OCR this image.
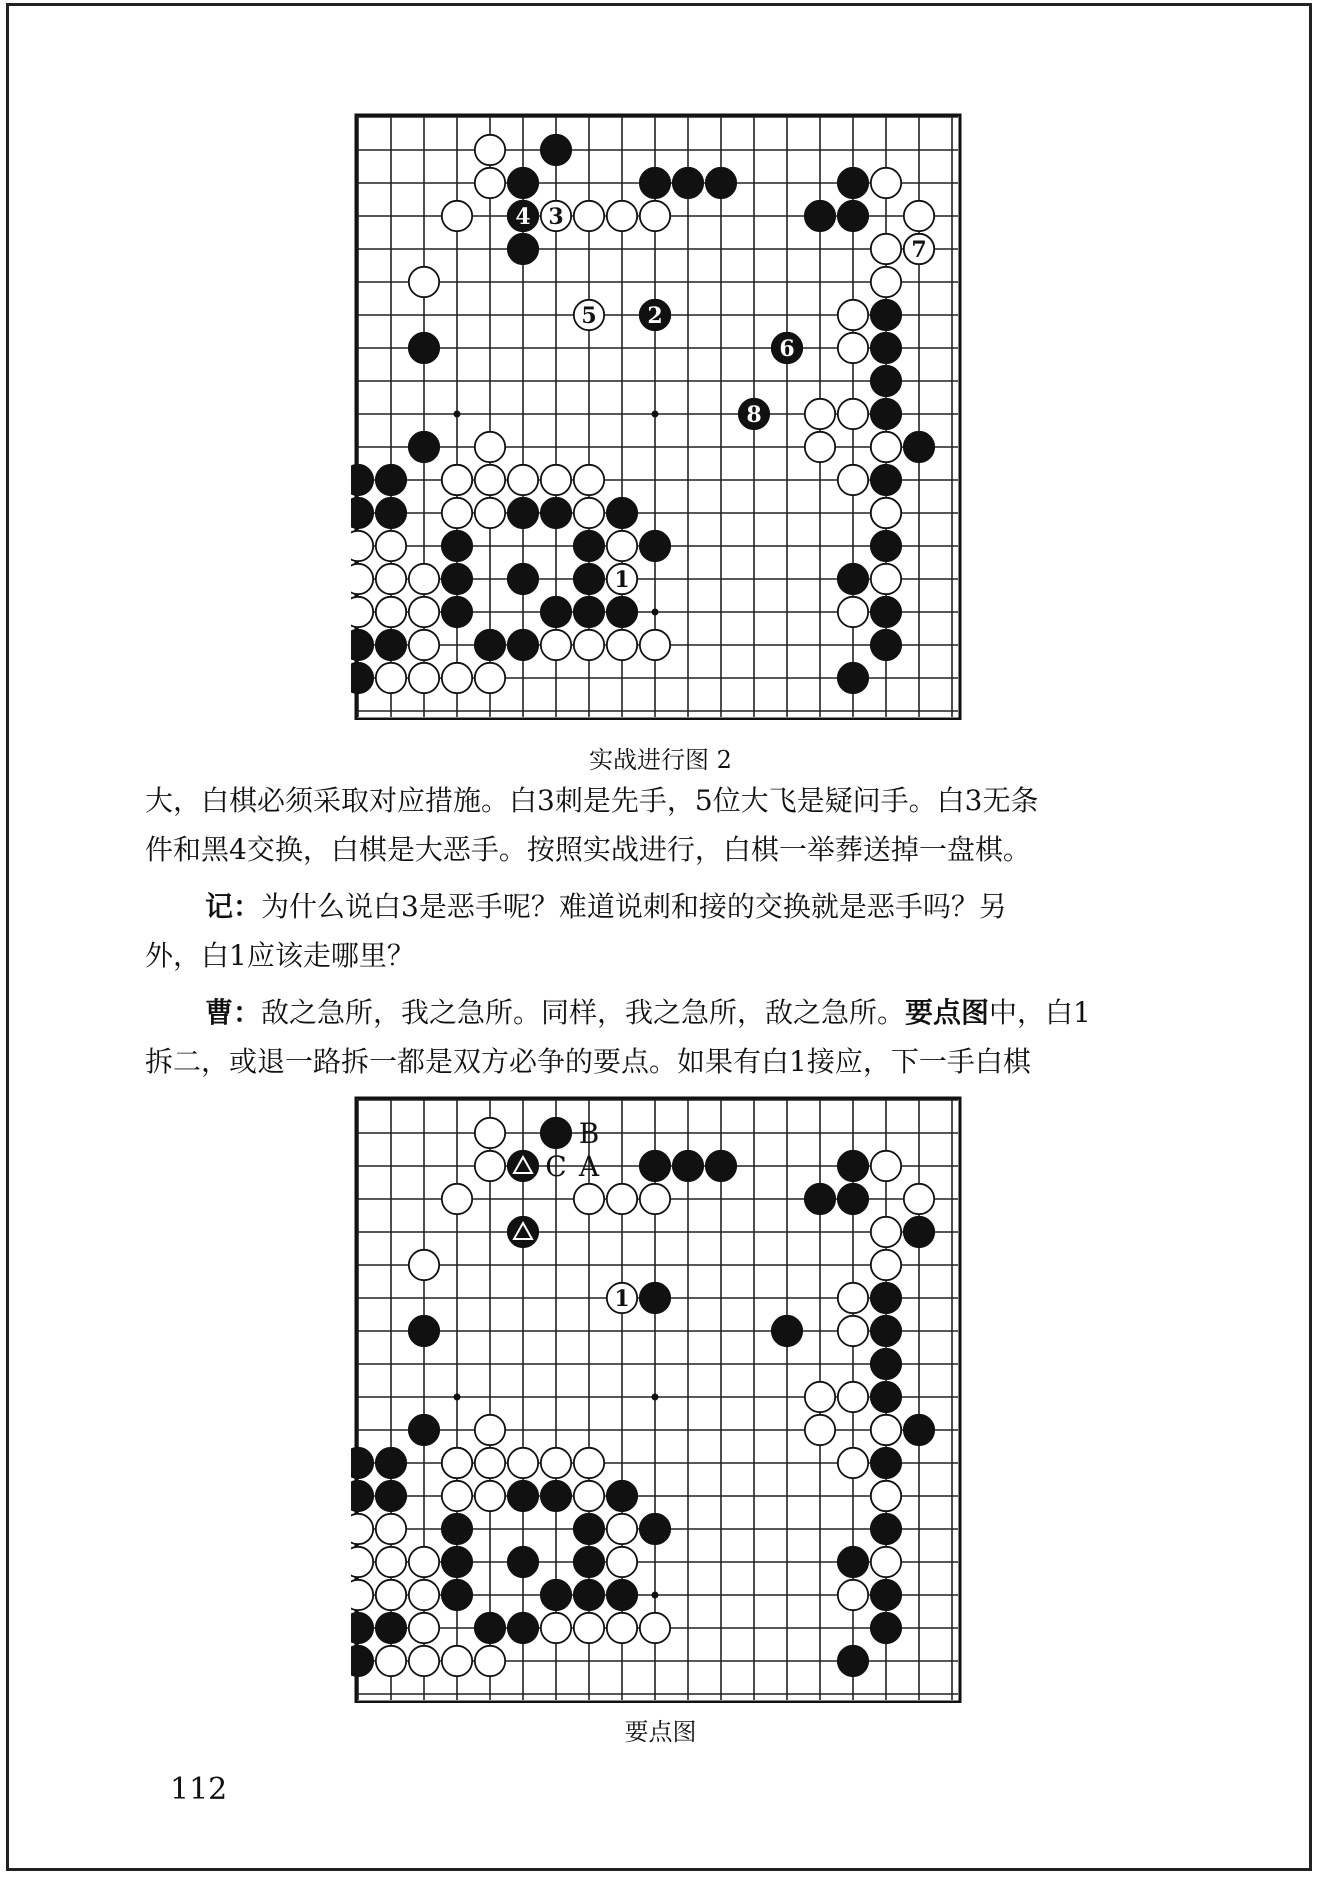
1
2
3
4
5
6
7
8
实战进行图 2

大，白棋必须采取对应措施。白3刺是先手，5位大飞是疑问手。白3无条

件和黑4交换，白棋是大恶手。按照实战进行，白棋一举葬送掉一盘棋。

记：为什么说白3是恶手呢？难道说刺和接的交换就是恶手吗？另

外，白1应该走哪里？

曹：敌之急所，我之急所。同样，我之急所，敌之急所。要点图中，白1

拆二，或退一路拆一都是双方必争的要点。如果有白1接应，下一手白棋

1
B
C A
要点图
112
